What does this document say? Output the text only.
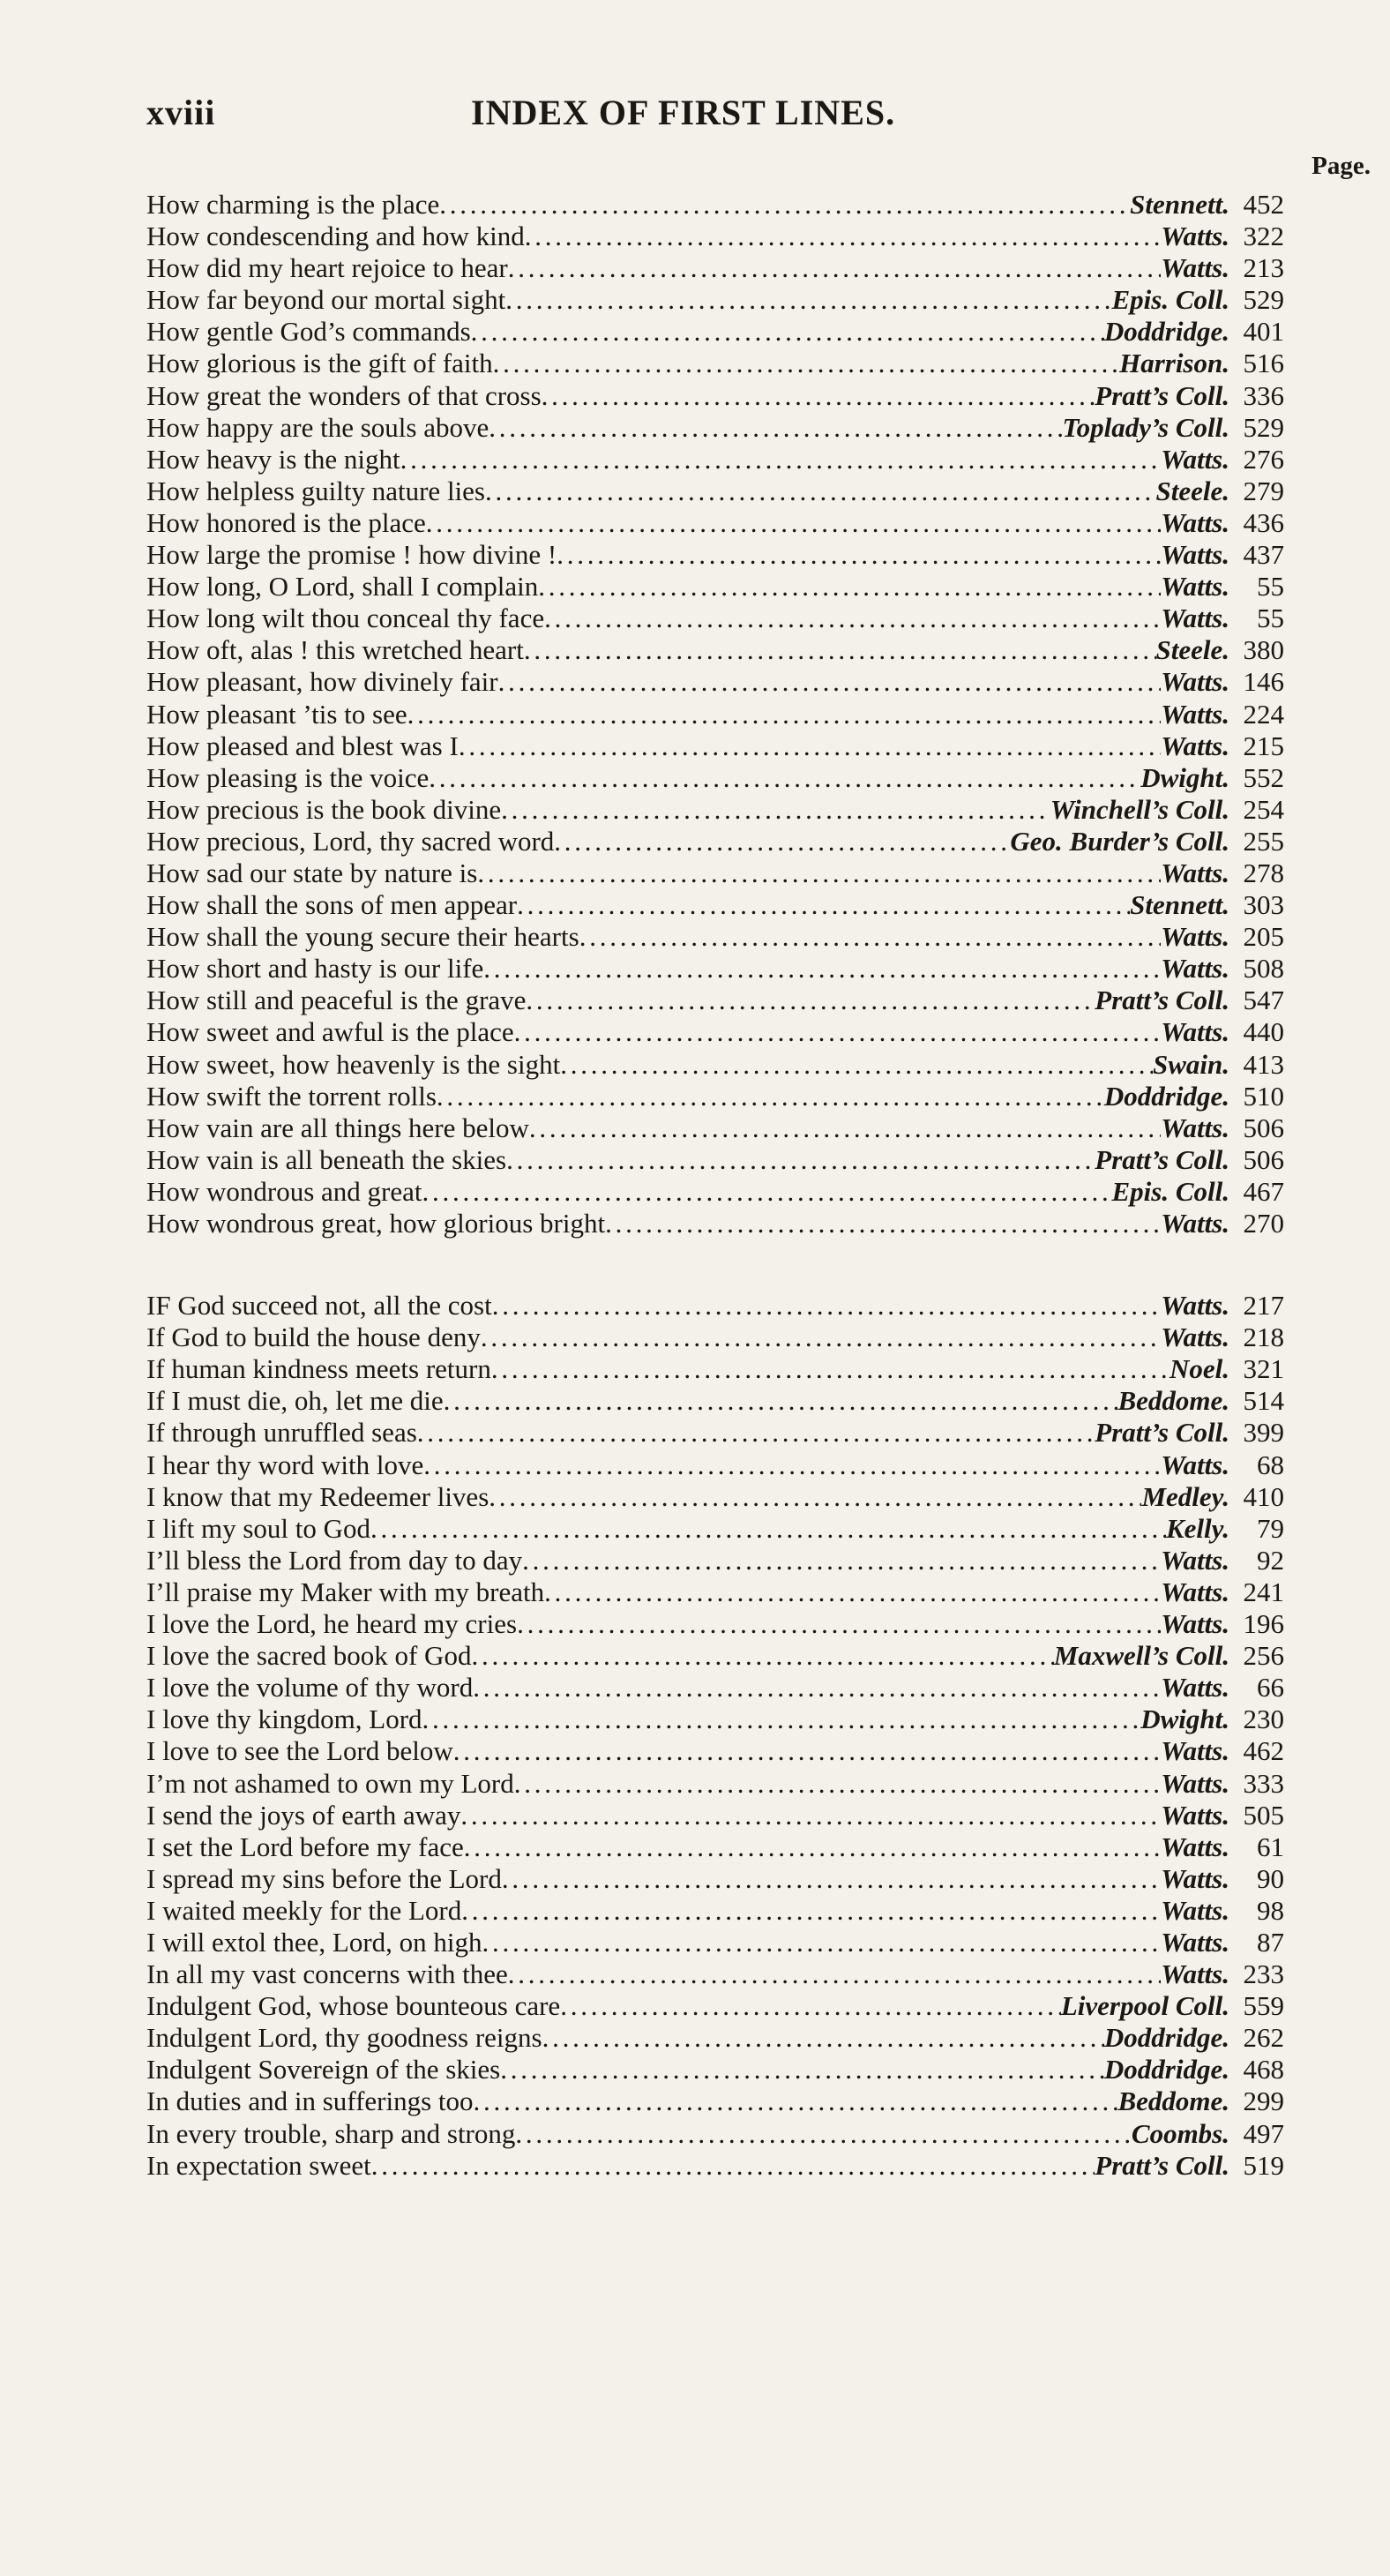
xviii	INDEX OF FIRST LINES.
Page.
How charming is the place . . .	Stennett. 452
How condescending and how kind . . .	Watts. 322
How did my heart rejoice to hear . . .	Watts. 213
How far beyond our mortal sight . . .	Epis. Coll. 529
How gentle God’s commands . . .	Doddridge. 401
How glorious is the gift of faith . . .	Harrison. 516
How great the wonders of that cross . . .	Pratt’s Coll. 336
How happy are the souls above . . .	Toplady’s Coll. 529
How heavy is the night . . .	Watts. 276
How helpless guilty nature lies . . .	Steele. 279
How honored is the place . . .	Watts. 436
How large the promise ! how divine ! . . .	Watts. 437
How long, O Lord, shall I complain . . .	Watts.	55
How long wilt thou conceal thy face . . .	Watts.	55
How oft, alas ! this wretched heart . . .	Steele. 380
How pleasant, how divinely fair . . .	Watts. 146
How pleasant ’tis to see . . .	Watts. 224
How pleased and blest was I . . .	Watts. 215
How pleasing is the voice . . .	Dwight. 552
How precious is the book divine . . .	Winchell’s Coll. 254
How precious, Lord, thy sacred word . . .	Geo. Burder’s Coll. 255
How sad our state by nature is . . .	Watts. 278
How shall the sons of men appear . . .	Stennett. 303
How shall the young secure their hearts . . .	Watts. 205
How short and hasty is our life . . .	Watts. 508
How still and peaceful is the grave . . .	Pratt’s Coll. 547
How sweet and awful is the place . . .	Watts. 440
How sweet, how heavenly is the sight . . .	Swain. 413
How swift the torrent rolls . . .	Doddridge. 510
How vain are all things here below . . .	Watts. 506
How vain is all beneath the skies . . .	Pratt’s Coll. 506
How wondrous and great . . .	Epis. Coll. 467
How wondrous great, how glorious bright . . .	Watts. 270
IF God succeed not, all the cost . . .	Watts. 217
If God to build the house deny . . .	Watts. 218
If human kindness meets return . . .	Noel. 321
If I must die, oh, let me die . . .	Beddome. 514
If through unruffled seas . . .	Pratt’s Coll. 399
I hear thy word with love . . .	Watts.	68
I know that my Redeemer lives . . .	Medley. 410
I lift my soul to God . . .	Kelly.	79
I’ll bless the Lord from day to day . . .	Watts.	92
I’ll praise my Maker with my breath . . .	Watts. 241
I love the Lord, he heard my cries . . .	Watts. 196
I love the sacred book of God . . .	Maxwell’s Coll. 256
I love the volume of thy word . . .	Watts.	66
I love thy kingdom, Lord . . .	Dwight. 230
I love to see the Lord below . . .	Watts. 462
I’m not ashamed to own my Lord . . .	Watts. 333
I send the joys of earth away . . .	Watts. 505
I set the Lord before my face . . .	Watts.	61
I spread my sins before the Lord . . .	Watts.	90
I waited meekly for the Lord . . .	Watts.	98
I will extol thee, Lord, on high . . .	Watts.	87
In all my vast concerns with thee . . .	Watts. 233
Indulgent God, whose bounteous care . . .	Liverpool Coll. 559
Indulgent Lord, thy goodness reigns . . .	Doddridge. 262
Indulgent Sovereign of the skies . . .	Doddridge. 468
In duties and in sufferings too . . .	Beddome. 299
In every trouble, sharp and strong . . .	Coombs. 497
In expectation sweet . . .	Pratt’s Coll. 519
